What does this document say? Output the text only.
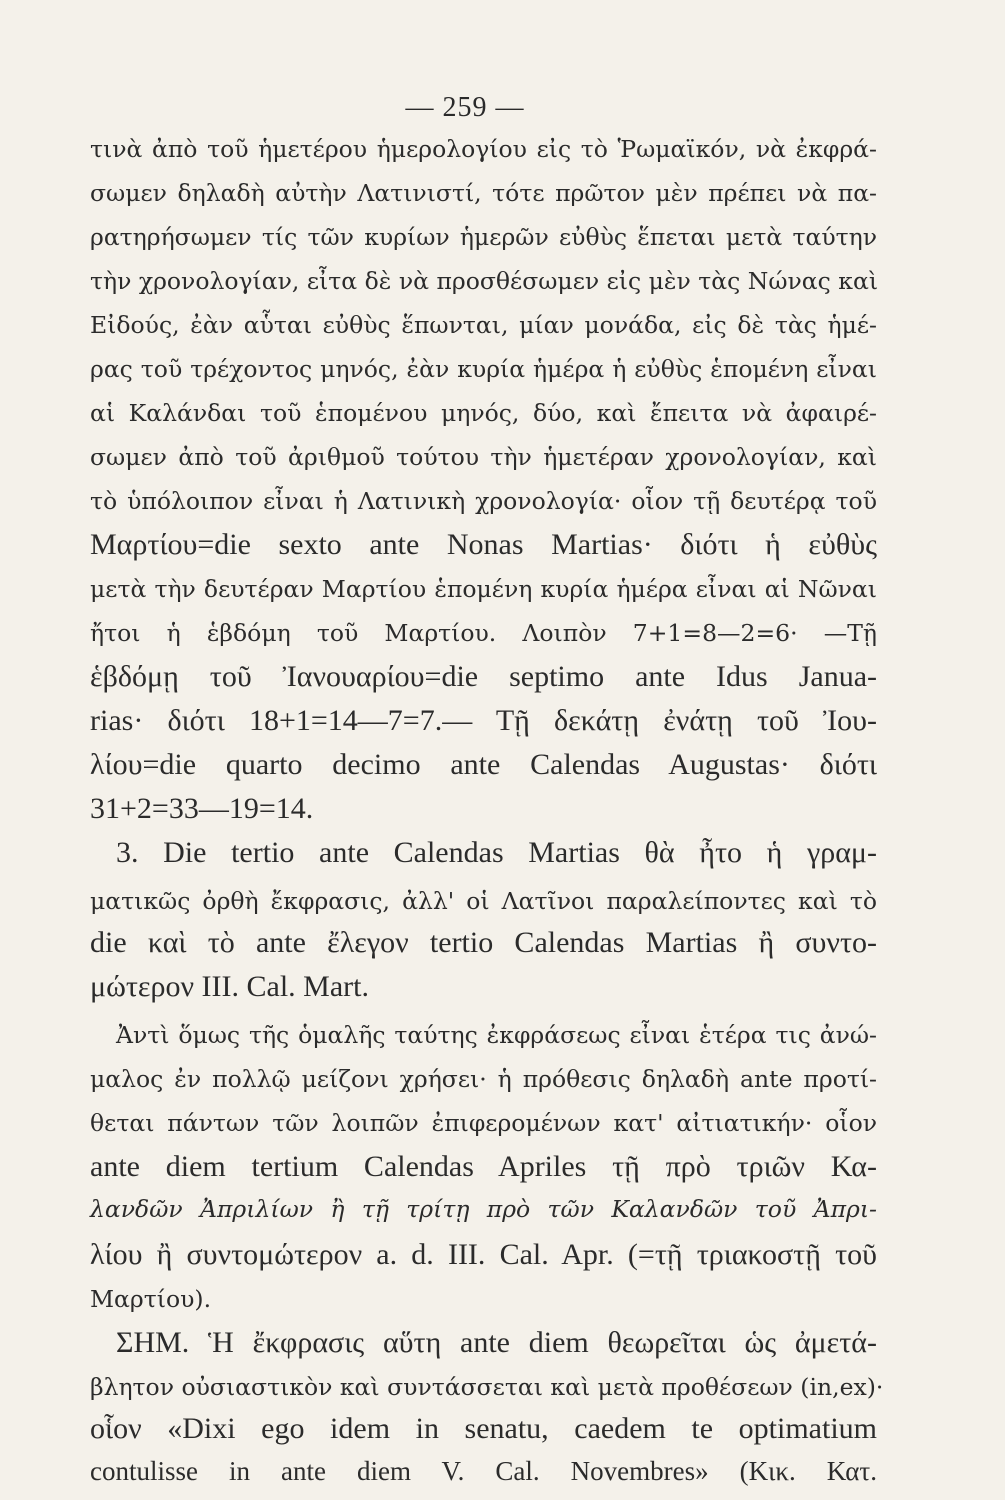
— 259 —
τινὰ ἀπὸ τοῦ ἡμετέρου ἡμερολογίου εἰς τὸ Ῥωμαϊκόν, νὰ ἐκφρά-
σωμεν δηλαδὴ αὐτὴν Λατινιστί, τότε πρῶτον μὲν πρέπει νὰ πα-
ρατηρήσωμεν τίς τῶν κυρίων ἡμερῶν εὐθὺς ἕπεται μετὰ ταύτην
τὴν χρονολογίαν, εἶτα δὲ νὰ προσθέσωμεν εἰς μὲν τὰς Νώνας καὶ
Εἰδούς, ἐὰν αὗται εὐθὺς ἕπωνται, μίαν μονάδα, εἰς δὲ τὰς ἡμέ-
ρας τοῦ τρέχοντος μηνός, ἐὰν κυρία ἡμέρα ἡ εὐθὺς ἑπομένη εἶναι
αἱ Καλάνδαι τοῦ ἑπομένου μηνός, δύο, καὶ ἔπειτα νὰ ἀφαιρέ-
σωμεν ἀπὸ τοῦ ἀριθμοῦ τούτου τὴν ἡμετέραν χρονολογίαν, καὶ
τὸ ὑπόλοιπον εἶναι ἡ Λατινικὴ χρονολογία· οἷον τῇ δευτέρᾳ τοῦ
Μαρτίου=die sexto ante Nonas Martias· διότι ἡ εὐθὺς
μετὰ τὴν δευτέραν Μαρτίου ἑπομένη κυρία ἡμέρα εἶναι αἱ Νῶναι
ἤτοι ἡ ἑβδόμη τοῦ Μαρτίου. Λοιπὸν 7+1=8—2=6· —Τῇ
ἑβδόμῃ τοῦ Ἰανουαρίου=die septimo ante Idus Janua-
rias· διότι 18+1=14—7=7.— Τῇ δεκάτῃ ἐνάτῃ τοῦ Ἰου-
λίου=die quarto decimo ante Calendas Augustas· διότι
31+2=33—19=14.
3. Die tertio ante Calendas Martias θὰ ἦτο ἡ γραμ-
ματικῶς ὀρθὴ ἔκφρασις, ἀλλ' οἱ Λατῖνοι παραλείποντες καὶ τὸ
die καὶ τὸ ante ἔλεγον tertio Calendas Martias ἢ συντο-
μώτερον III. Cal. Mart.
Ἀντὶ ὅμως τῆς ὁμαλῆς ταύτης ἐκφράσεως εἶναι ἑτέρα τις ἀνώ-
μαλος ἐν πολλῷ μείζονι χρήσει· ἡ πρόθεσις δηλαδὴ ante προτί-
θεται πάντων τῶν λοιπῶν ἐπιφερομένων κατ' αἰτιατικήν· οἷον
ante diem tertium Calendas Apriles τῇ πρὸ τριῶν Κα-
λανδῶν Ἀπριλίων ἢ τῇ τρίτῃ πρὸ τῶν Καλανδῶν τοῦ Ἀπρι-
λίου ἢ συντομώτερον a. d. III. Cal. Apr. (=τῇ τριακοστῇ τοῦ
Μαρτίου).
ΣΗΜ. Ἡ ἔκφρασις αὕτη ante diem θεωρεῖται ὡς ἀμετά-
βλητον οὐσιαστικὸν καὶ συντάσσεται καὶ μετὰ προθέσεων (in,ex)·
οἷον «Dixi ego idem in senatu, caedem te optimatium
contulisse in ante diem V. Cal. Novembres» (Κικ. Κατ.
